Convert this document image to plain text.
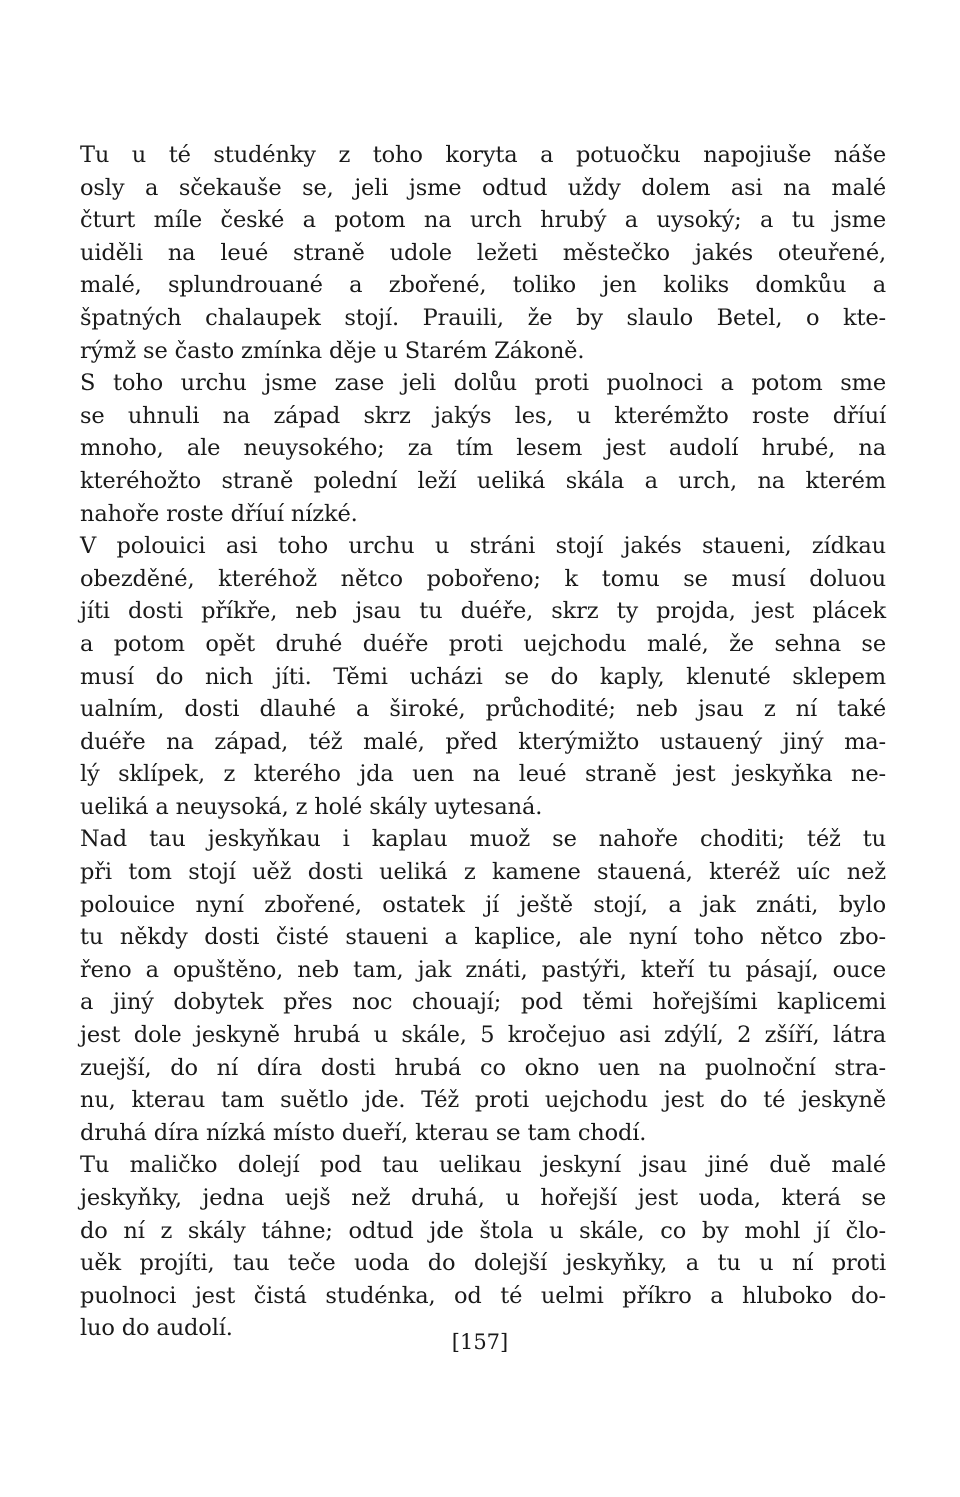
Tu u té studénky z toho koryta a potuočku napojiuše náše
osly a sčekauše se, jeli jsme odtud uždy dolem asi na malé
čturt míle české a potom na urch hrubý a uysoký; a tu jsme
uiděli na leué straně udole ležeti městečko jakés oteuřené,
malé, splundrouané a zbořené, toliko jen koliks domkůu a
špatných chalaupek stojí. Prauili, že by slaulo Betel, o kte-
rýmž se často zmínka děje u Starém Zákoně.
S toho urchu jsme zase jeli dolůu proti puolnoci a potom sme
se uhnuli na západ skrz jakýs les, u kterémžto roste dříuí
mnoho, ale neuysokého; za tím lesem jest audolí hrubé, na
kteréhožto straně polední leží ueliká skála a urch, na kterém
nahoře roste dříuí nízké.
V polouici asi toho urchu u stráni stojí jakés staueni, zídkau
obezděné, kteréhož nětco pobořeno; k tomu se musí doluou
jíti dosti příkře, neb jsau tu duéře, skrz ty projda, jest plácek
a potom opět druhé duéře proti uejchodu malé, že sehna se
musí do nich jíti. Těmi ucházi se do kaply, klenuté sklepem
ualním, dosti dlauhé a široké, průchodité; neb jsau z ní také
duéře na západ, též malé, před kterýmižto ustauený jiný ma-
lý sklípek, z kterého jda uen na leué straně jest jeskyňka ne-
ueliká a neuysoká, z holé skály uytesaná.
Nad tau jeskyňkau i kaplau muož se nahoře choditi; též tu
při tom stojí uěž dosti ueliká z kamene stauená, kteréž uíc než
polouice nyní zbořené, ostatek jí ještě stojí, a jak znáti, bylo
tu někdy dosti čisté staueni a kaplice, ale nyní toho nětco zbo-
řeno a opuštěno, neb tam, jak znáti, pastýři, kteří tu pásají, ouce
a jiný dobytek přes noc chouají; pod těmi hořejšími kaplicemi
jest dole jeskyně hrubá u skále, 5 kročejuo asi zdýlí, 2 zšíří, látra
zuejší, do ní díra dosti hrubá co okno uen na puolnoční stra-
nu, kterau tam suětlo jde. Též proti uejchodu jest do té jeskyně
druhá díra nízká místo dueří, kterau se tam chodí.
Tu maličko dolejí pod tau uelikau jeskyní jsau jiné duě malé
jeskyňky, jedna uejš než druhá, u hořejší jest uoda, která se
do ní z skály táhne; odtud jde štola u skále, co by mohl jí člo-
uěk projíti, tau teče uoda do dolejší jeskyňky, a tu u ní proti
puolnoci jest čistá studénka, od té uelmi příkro a hluboko do-
luo do audolí.
[157]
